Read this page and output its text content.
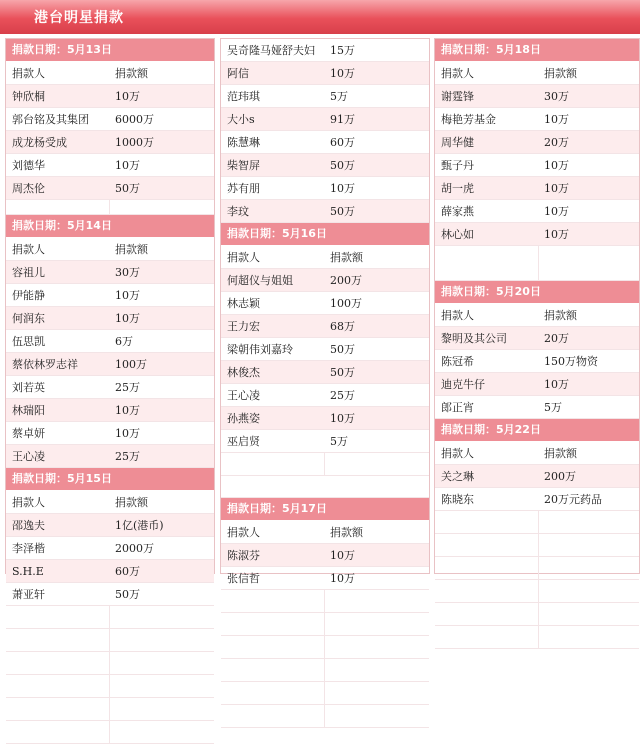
港台明星捐款
捐款日期：5月13日
捐款人	捐款额
钟欣桐	10万
郭台铭及其集团	6000万
成龙杨受成	1000万
刘德华	10万
周杰伦	50万
捐款日期：5月14日
捐款人	捐款额
容祖儿	30万
伊能静	10万
何润东	10万
伍思凯	6万
蔡依林罗志祥	100万
刘若英	25万
林瑞阳	10万
蔡卓妍	10万
王心凌	25万
捐款日期：5月15日
捐款人	捐款额
邵逸夫	1亿(港币)
李泽楷	2000万
S.H.E	60万
萧亚轩	50万
吴奇隆马娅舒夫妇	15万
阿信	10万
范玮琪	5万
大小s	91万
陈慧琳	60万
柴智屏	50万
苏有朋	10万
李玟	50万
捐款日期：5月16日
捐款人	捐款额
何超仪与姐姐	200万
林志颖	100万
王力宏	68万
梁朝伟刘嘉玲	50万
林俊杰	50万
王心凌	25万
孙燕姿	10万
巫启贤	5万
捐款日期：5月17日
捐款人	捐款额
陈淑芬	10万
张信哲	10万
捐款日期：5月18日
捐款人	捐款额
谢霆锋	30万
梅艳芳基金	10万
周华健	20万
甄子丹	10万
胡一虎	10万
薛家燕	10万
林心如	10万
捐款日期：5月20日
捐款人	捐款额
黎明及其公司	20万
陈冠希	150万物资
迪克牛仔	10万
郎正宵	5万
捐款日期：5月22日
捐款人	捐款额
关之琳	200万
陈晓东	20万元药品
